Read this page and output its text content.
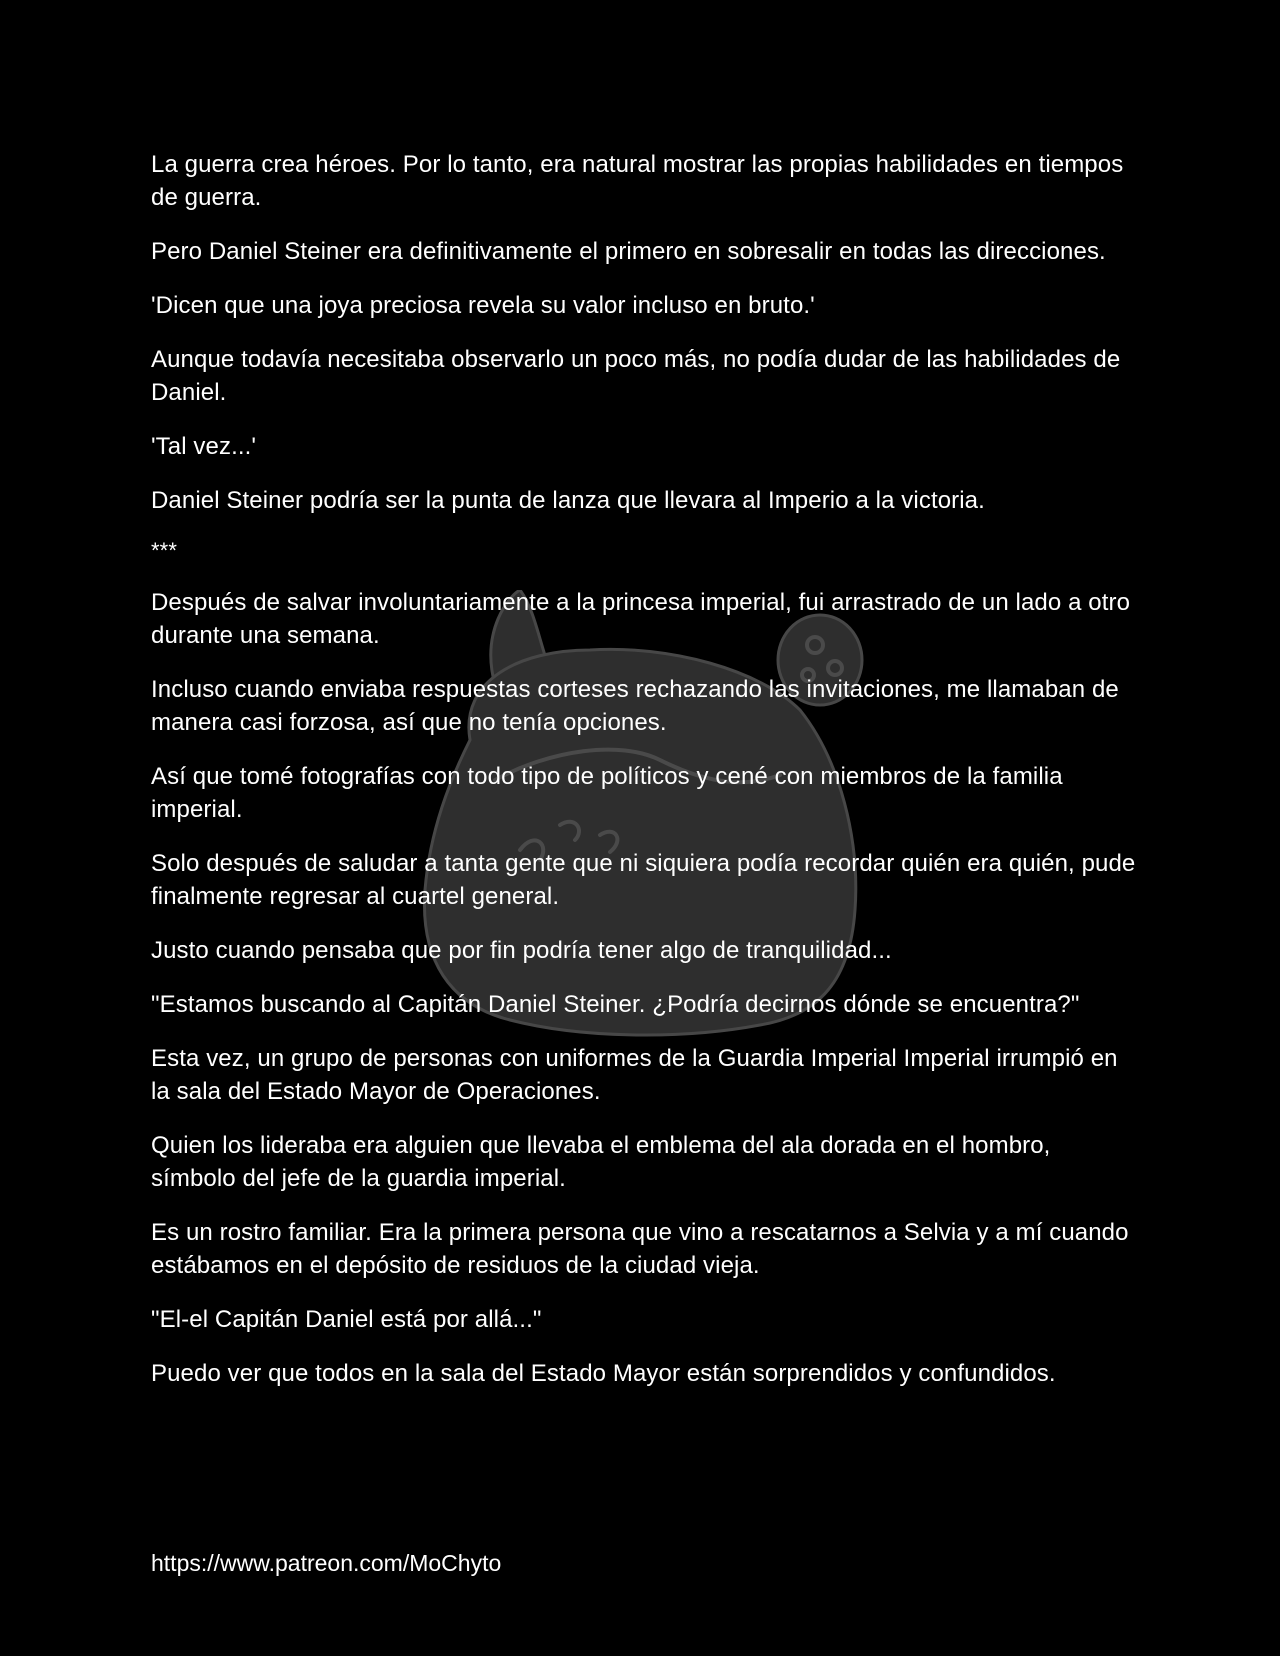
La guerra crea héroes. Por lo tanto, era natural mostrar las propias habilidades en tiempos de guerra.

Pero Daniel Steiner era definitivamente el primero en sobresalir en todas las direcciones.

'Dicen que una joya preciosa revela su valor incluso en bruto.'

Aunque todavía necesitaba observarlo un poco más, no podía dudar de las habilidades de Daniel.

'Tal vez...'

Daniel Steiner podría ser la punta de lanza que llevara al Imperio a la victoria.

***

Después de salvar involuntariamente a la princesa imperial, fui arrastrado de un lado a otro durante una semana.

Incluso cuando enviaba respuestas corteses rechazando las invitaciones, me llamaban de manera casi forzosa, así que no tenía opciones.

Así que tomé fotografías con todo tipo de políticos y cené con miembros de la familia imperial.

Solo después de saludar a tanta gente que ni siquiera podía recordar quién era quién, pude finalmente regresar al cuartel general.

Justo cuando pensaba que por fin podría tener algo de tranquilidad...

"Estamos buscando al Capitán Daniel Steiner. ¿Podría decirnos dónde se encuentra?"

Esta vez, un grupo de personas con uniformes de la Guardia Imperial Imperial irrumpió en la sala del Estado Mayor de Operaciones.

Quien los lideraba era alguien que llevaba el emblema del ala dorada en el hombro, símbolo del jefe de la guardia imperial.

Es un rostro familiar. Era la primera persona que vino a rescatarnos a Selvia y a mí cuando estábamos en el depósito de residuos de la ciudad vieja.

"El-el Capitán Daniel está por allá..."

Puedo ver que todos en la sala del Estado Mayor están sorprendidos y confundidos.

https://www.patreon.com/MoChyto
